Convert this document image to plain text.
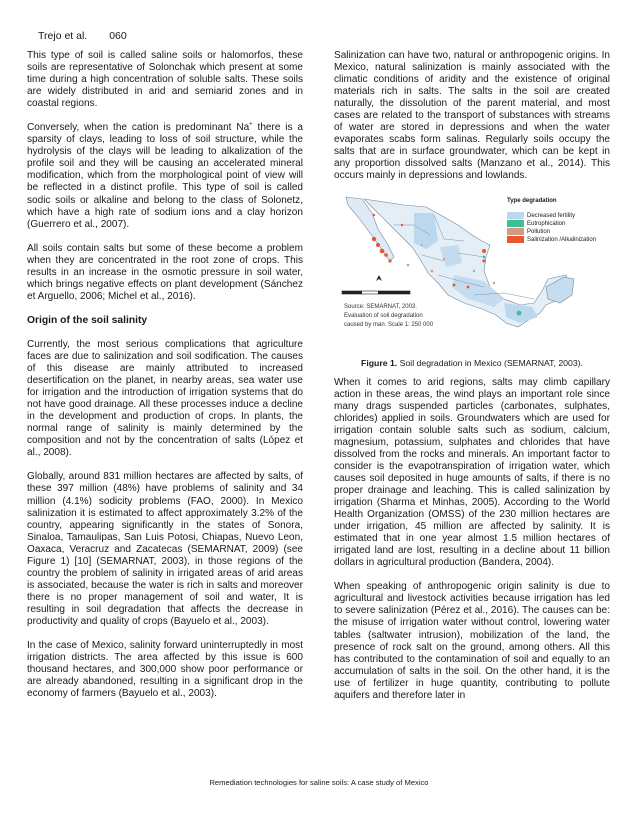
Trejo et al. 060

This type of soil is called saline soils or halomorfos, these soils are representative of Solonchak which present at some time during a high concentration of soluble salts. These soils are widely distributed in arid and semiarid zones and in coastal regions.

Conversely, when the cation is predominant Na+ there is a sparsity of clays, leading to loss of soil structure, while the hydrolysis of the clays will be leading to alkalization of the profile soil and they will be causing an accelerated mineral modification, which from the morphological point of view will be reflected in a distinct profile. This type of soil is called sodic soils or alkaline and belong to the class of Solonetz, which have a high rate of sodium ions and a clay horizon (Guerrero et al., 2007).

All soils contain salts but some of these become a problem when they are concentrated in the root zone of crops. This results in an increase in the osmotic pressure in soil water, which brings negative effects on plant development (Sánchez et Arguello, 2006; Michel et al., 2016).

Origin of the soil salinity

Currently, the most serious complications that agriculture faces are due to salinization and soil sodification. The causes of this disease are mainly attributed to increased desertification on the planet, in nearby areas, sea water use for irrigation and the introduction of irrigation systems that do not have good drainage. All these processes induce a decline in the development and production of crops. In plants, the normal range of salinity is mainly determined by the composition and not by the concentration of salts (López et al., 2008).

Globally, around 831 million hectares are affected by salts, of these 397 million (48%) have problems of salinity and 34 million (4.1%) sodicity problems (FAO, 2000). In Mexico salinization it is estimated to affect approximately 3.2% of the country, appearing significantly in the states of Sonora, Sinaloa, Tamaulipas, San Luis Potosi, Chiapas, Nuevo Leon, Oaxaca, Veracruz and Zacatecas (SEMARNAT, 2009) (see Figure 1) [10] (SEMARNAT, 2003), in those regions of the country the problem of salinity in irrigated areas of arid areas is associated, because the water is rich in salts and moreover there is no proper management of soil and water, It is resulting in soil degradation that affects the decrease in productivity and quality of crops (Bayuelo et al., 2003).

In the case of Mexico, salinity forward uninterruptedly in most irrigation districts. The area affected by this issue is 600 thousand hectares, and 300,000 show poor performance or are already abandoned, resulting in a significant drop in the economy of farmers (Bayuelo et al., 2003).

Salinization can have two, natural or anthropogenic origins. In Mexico, natural salinization is mainly associated with the climatic conditions of aridity and the existence of original materials rich in salts. The salts in the soil are created naturally, the dissolution of the parent material, and most cases are related to the transport of substances with streams of water are stored in depressions and when the water evaporates scabs form salinas. Regularly soils occupy the salts that are in surface groundwater, which can be kept in any proportion dissolved salts (Manzano et al., 2014). This occurs mainly in depressions and lowlands.

Type degradation
Decreased fertility
Eutrophication
Pollution
Salinization /Alkalinization
Source: SEMARNAT, 2003.
Evaluation of soil degradation
caused by man. Scale 1: 250 000
Figure 1. Soil degradation in Mexico (SEMARNAT, 2003).

When it comes to arid regions, salts may climb capillary action in these areas, the wind plays an important role since many drags suspended particles (carbonates, sulphates, chlorides) applied in soils. Groundwaters which are used for irrigation contain soluble salts such as sodium, calcium, magnesium, potassium, sulphates and chlorides that have dissolved from the rocks and minerals. An important factor to consider is the evapotranspiration of irrigation water, which causes soil deposited in huge amounts of salts, if there is no proper drainage and leaching. This is called salinization by irrigation (Sharma et Minhas, 2005). According to the World Health Organization (OMSS) of the 230 million hectares are under irrigation, 45 million are affected by salinity. It is estimated that in one year almost 1.5 million hectares of irrigated land are lost, resulting in a decline about 11 billion dollars in agricultural production (Bandera, 2004).

When speaking of anthropogenic origin salinity is due to agricultural and livestock activities because irrigation has led to severe salinization (Pérez et al., 2016). The causes can be: the misuse of irrigation water without control, lowering water tables (saltwater intrusion), mobilization of the land, the presence of rock salt on the ground, among others. All this has contributed to the contamination of soil and equally to an accumulation of salts in the soil. On the other hand, it is the use of fertilizer in huge quantity, contributing to pollute aquifers and therefore later in

Remediation technologies for saline soils: A case study of Mexico
